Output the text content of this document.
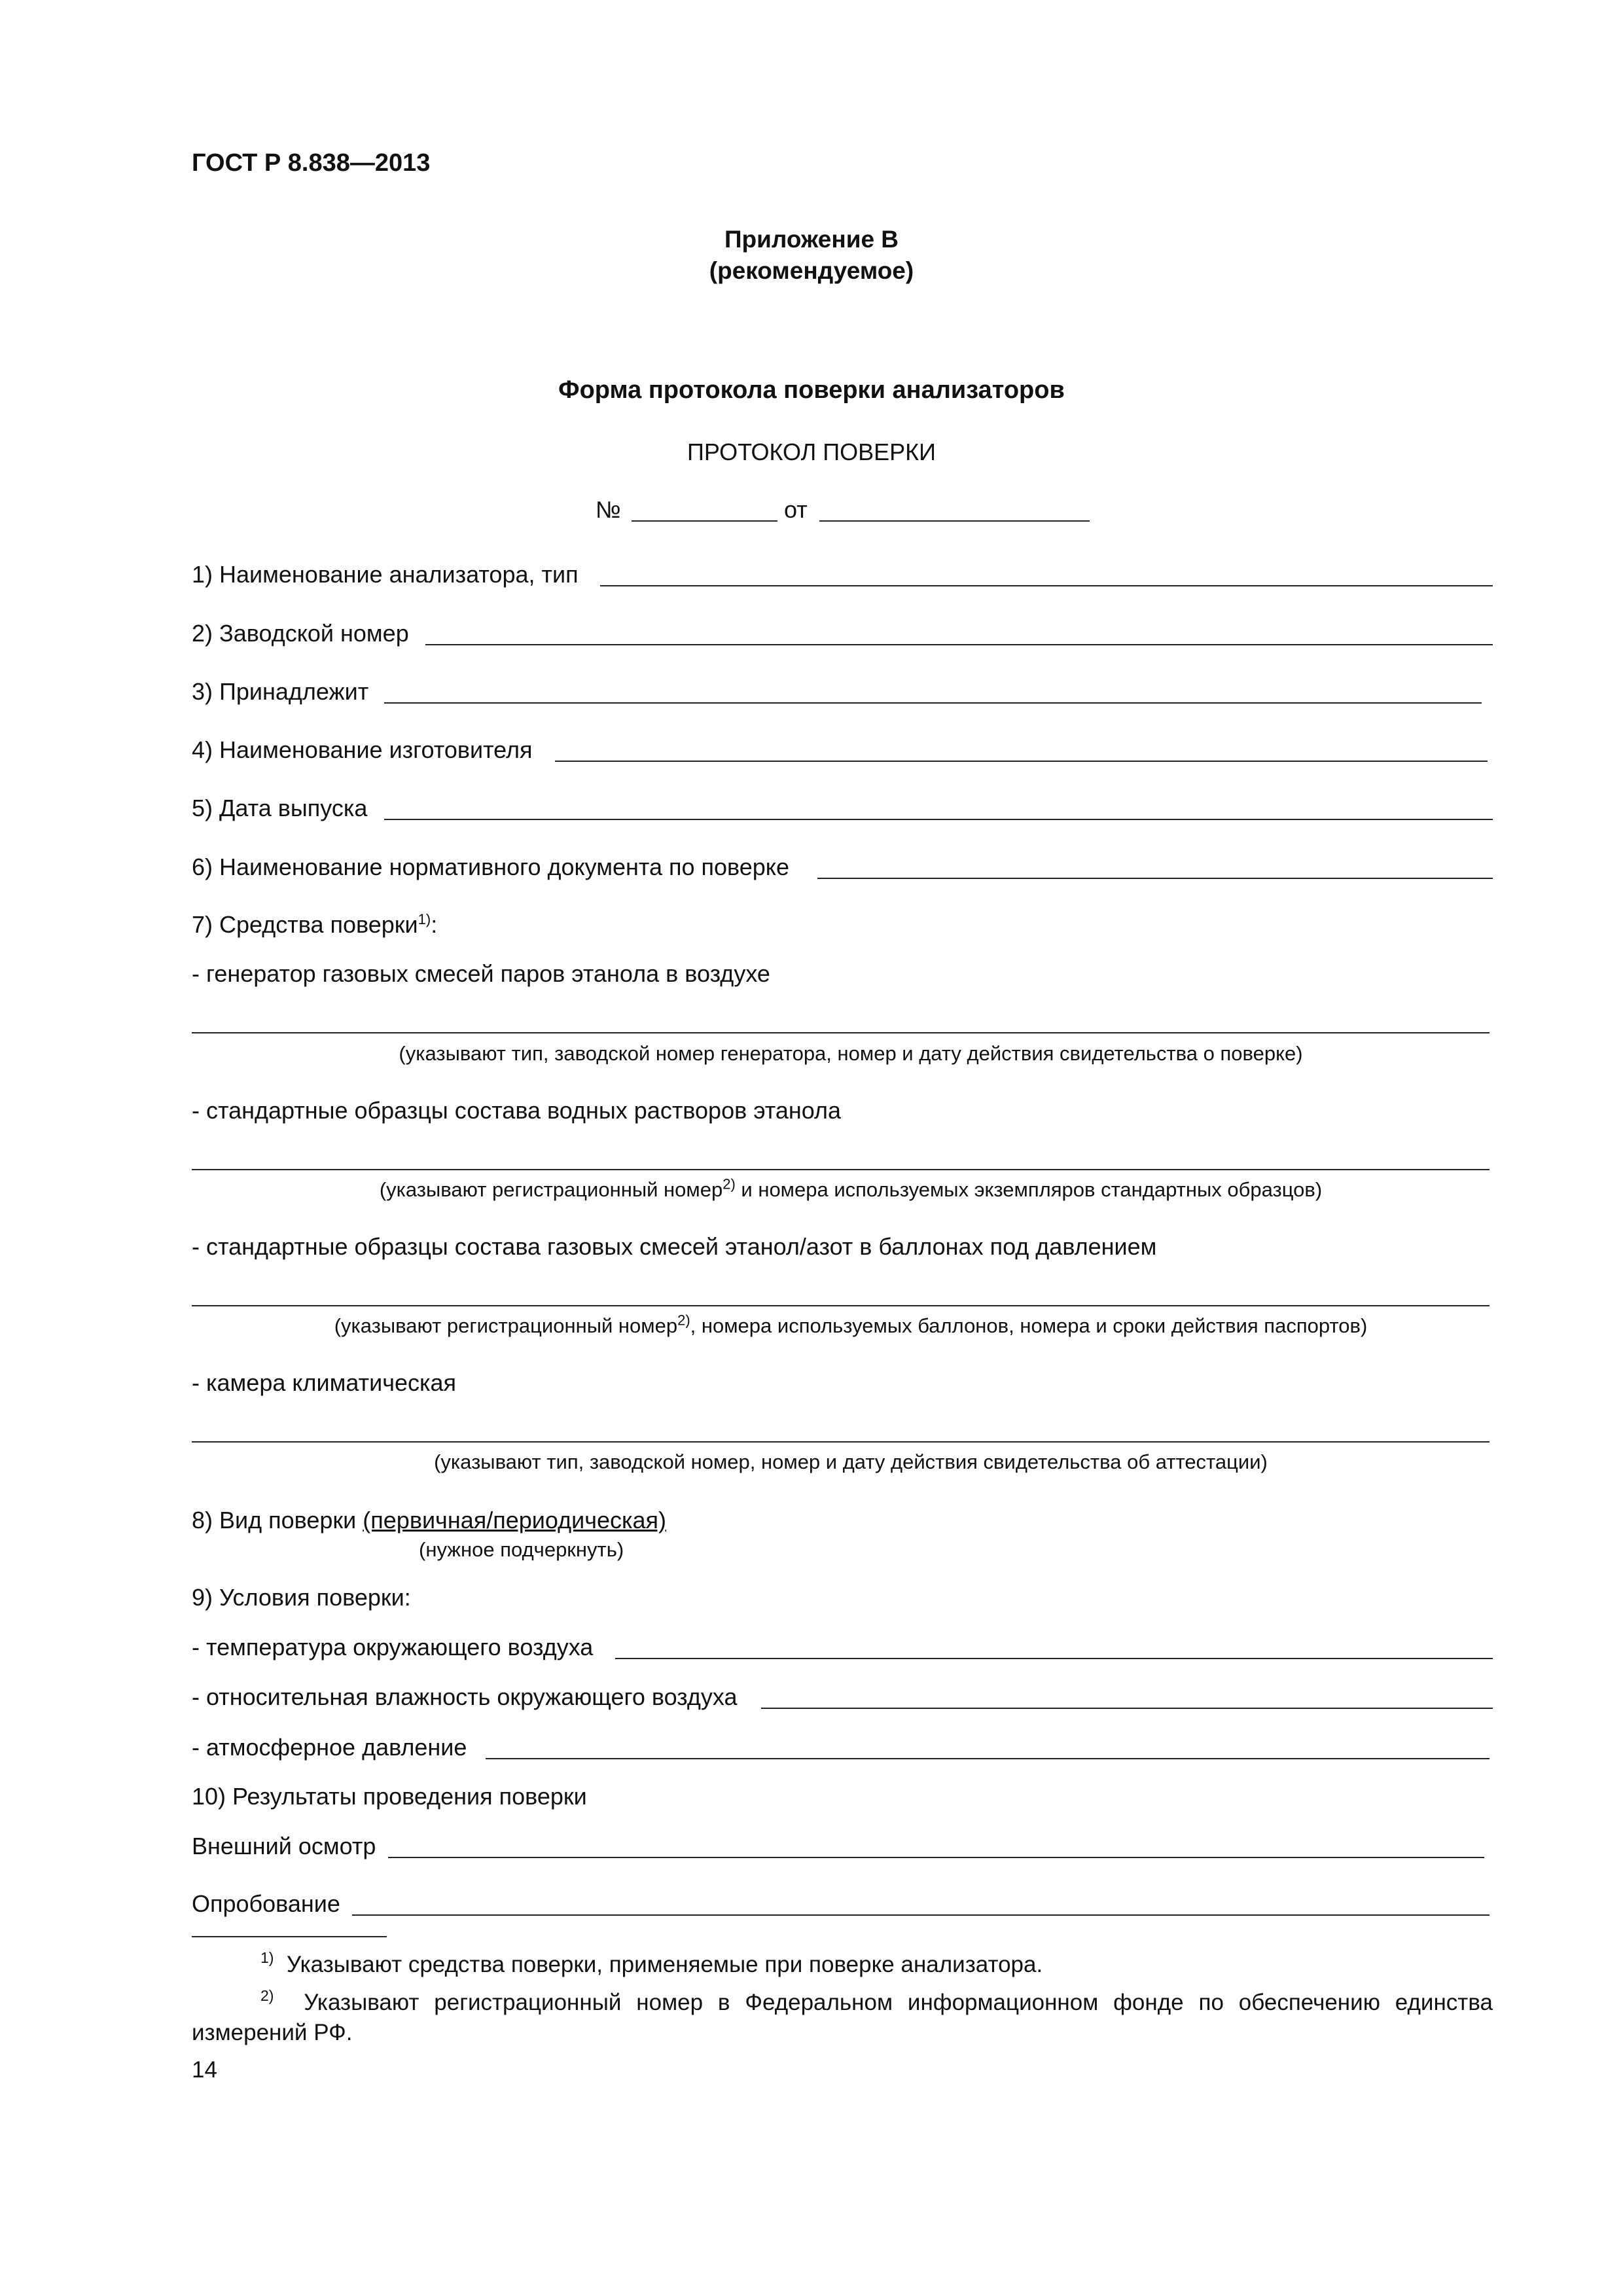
ГОСТ Р 8.838—2013
Приложение В
(рекомендуемое)
Форма протокола поверки анализаторов
ПРОТОКОЛ ПОВЕРКИ
№	от
1) Наименование анализатора, тип
2) Заводской номер
3) Принадлежит
4) Наименование изготовителя
5) Дата выпуска
6) Наименование нормативного документа по поверке
7) Средства поверки$^{1)}$:
- генератор газовых смесей паров этанола в воздухе
(указывают тип, заводской номер генератора, номер и дату действия свидетельства о поверке)
- стандартные образцы состава водных растворов этанола
(указывают регистрационный номер$^{2)}$ и номера используемых экземпляров стандартных образцов)
- стандартные образцы состава газовых смесей этанол/азот в баллонах под давлением
(указывают регистрационный номер$^{2)}$, номера используемых баллонов, номера и сроки действия паспортов)
- камера климатическая
(указывают тип, заводской номер, номер и дату действия свидетельства об аттестации)
8) Вид поверки (первичная/периодическая)
(нужное подчеркнуть)
9) Условия поверки:
- температура окружающего воздуха
- относительная влажность окружающего воздуха
- атмосферное давление
10) Результаты проведения поверки
Внешний осмотр
Опробование
$^{1)}$ Указывают средства поверки, применяемые при поверке анализатора.
$^{2)}$ Указывают регистрационный номер в Федеральном информационном фонде по обеспечению единства
измерений РФ.
14
